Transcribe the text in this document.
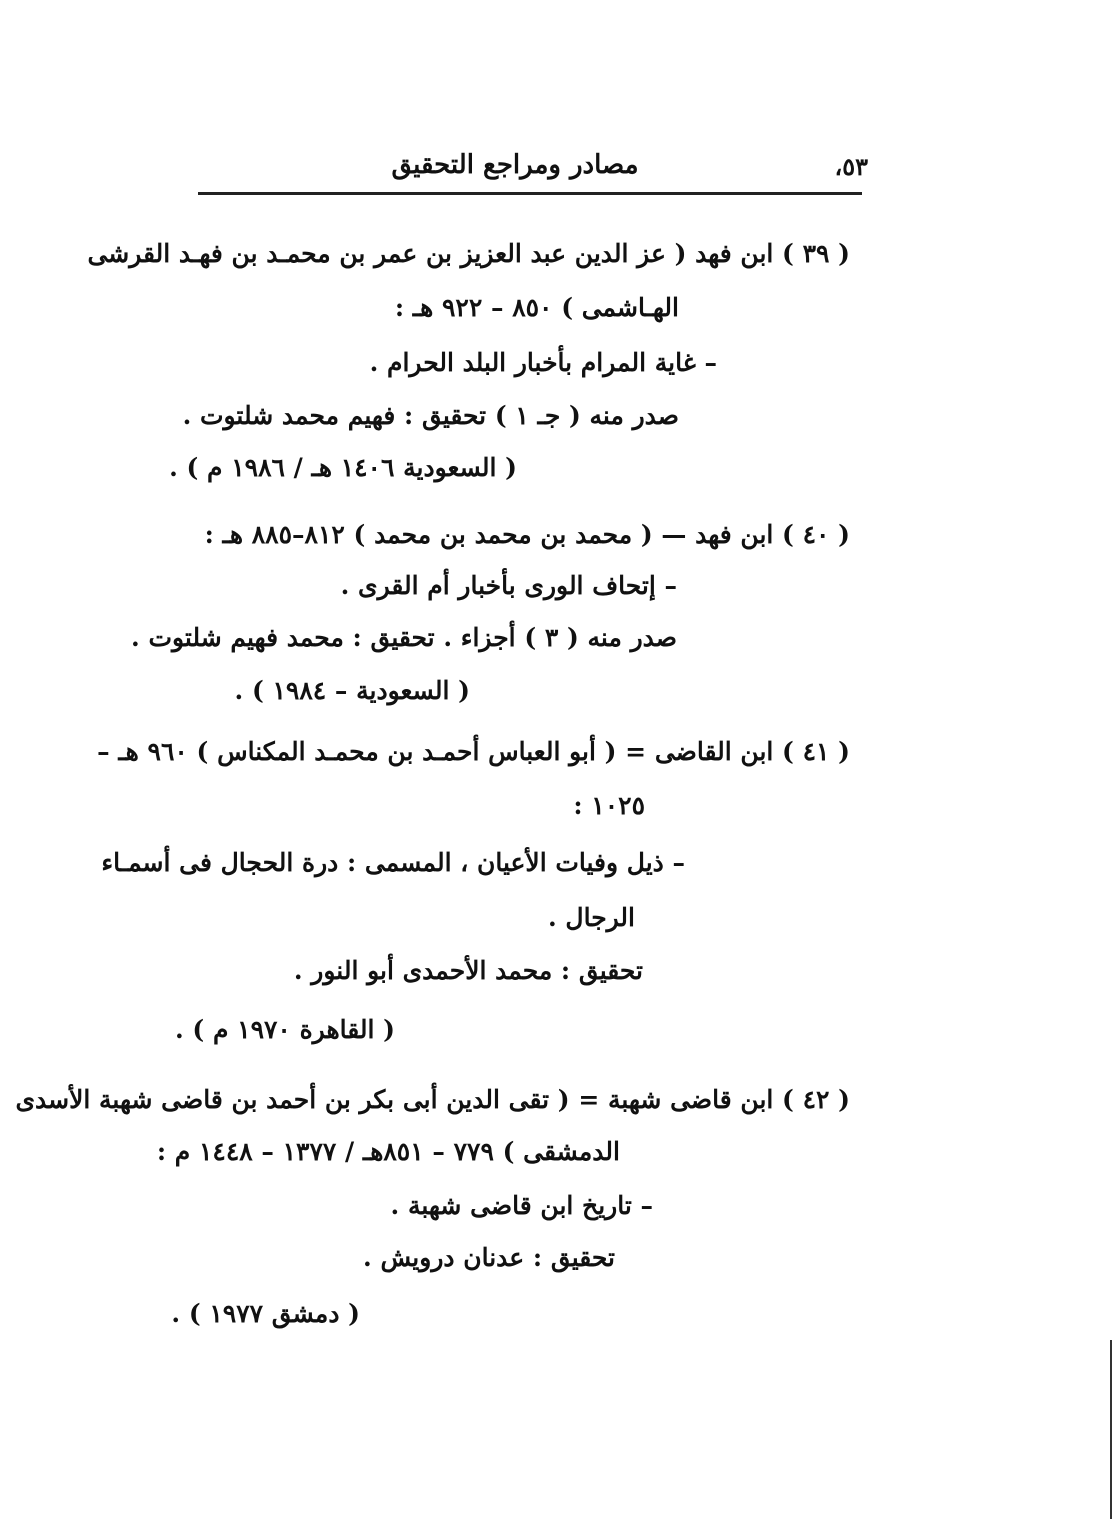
٥٣،
مصادر ومراجع التحقيق
( ٣٩ ) ابن فهد ( عز الدين عبد العزيز بن عمر بن محمـد بن فهـد القرشى
الهـاشمى ) ٨٥٠ – ٩٢٢ هـ :
– غاية المرام بأخبار البلد الحرام .
صدر منه ( جـ ١ ) تحقيق : فهيم محمد شلتوت .
( السعودية ١٤٠٦ هـ / ١٩٨٦ م ) .
( ٤٠ ) ابن فهد — ( محمد بن محمد بن محمد ) ٨١٢–٨٨٥ هـ :
– إتحاف الورى بأخبار أم القرى .
صدر منه ( ٣ ) أجزاء . تحقيق : محمد فهيم شلتوت .
( السعودية – ١٩٨٤ ) .
( ٤١ ) ابن القاضى = ( أبو العباس أحمـد بن محمـد المكناس ) ٩٦٠ هـ –
١٠٢٥ :
– ذيل وفيات الأعيان ، المسمى : درة الحجال فى أسمـاء
الرجال .
تحقيق : محمد الأحمدى أبو النور .
( القاهرة ١٩٧٠ م ) .
( ٤٢ ) ابن قاضى شهبة = ( تقى الدين أبى بكر بن أحمد بن قاضى شهبة الأسدى
الدمشقى ) ٧٧٩ – ٨٥١هـ / ١٣٧٧ – ١٤٤٨ م :
– تاريخ ابن قاضى شهبة .
تحقيق : عدنان درويش .
( دمشق ١٩٧٧ ) .
